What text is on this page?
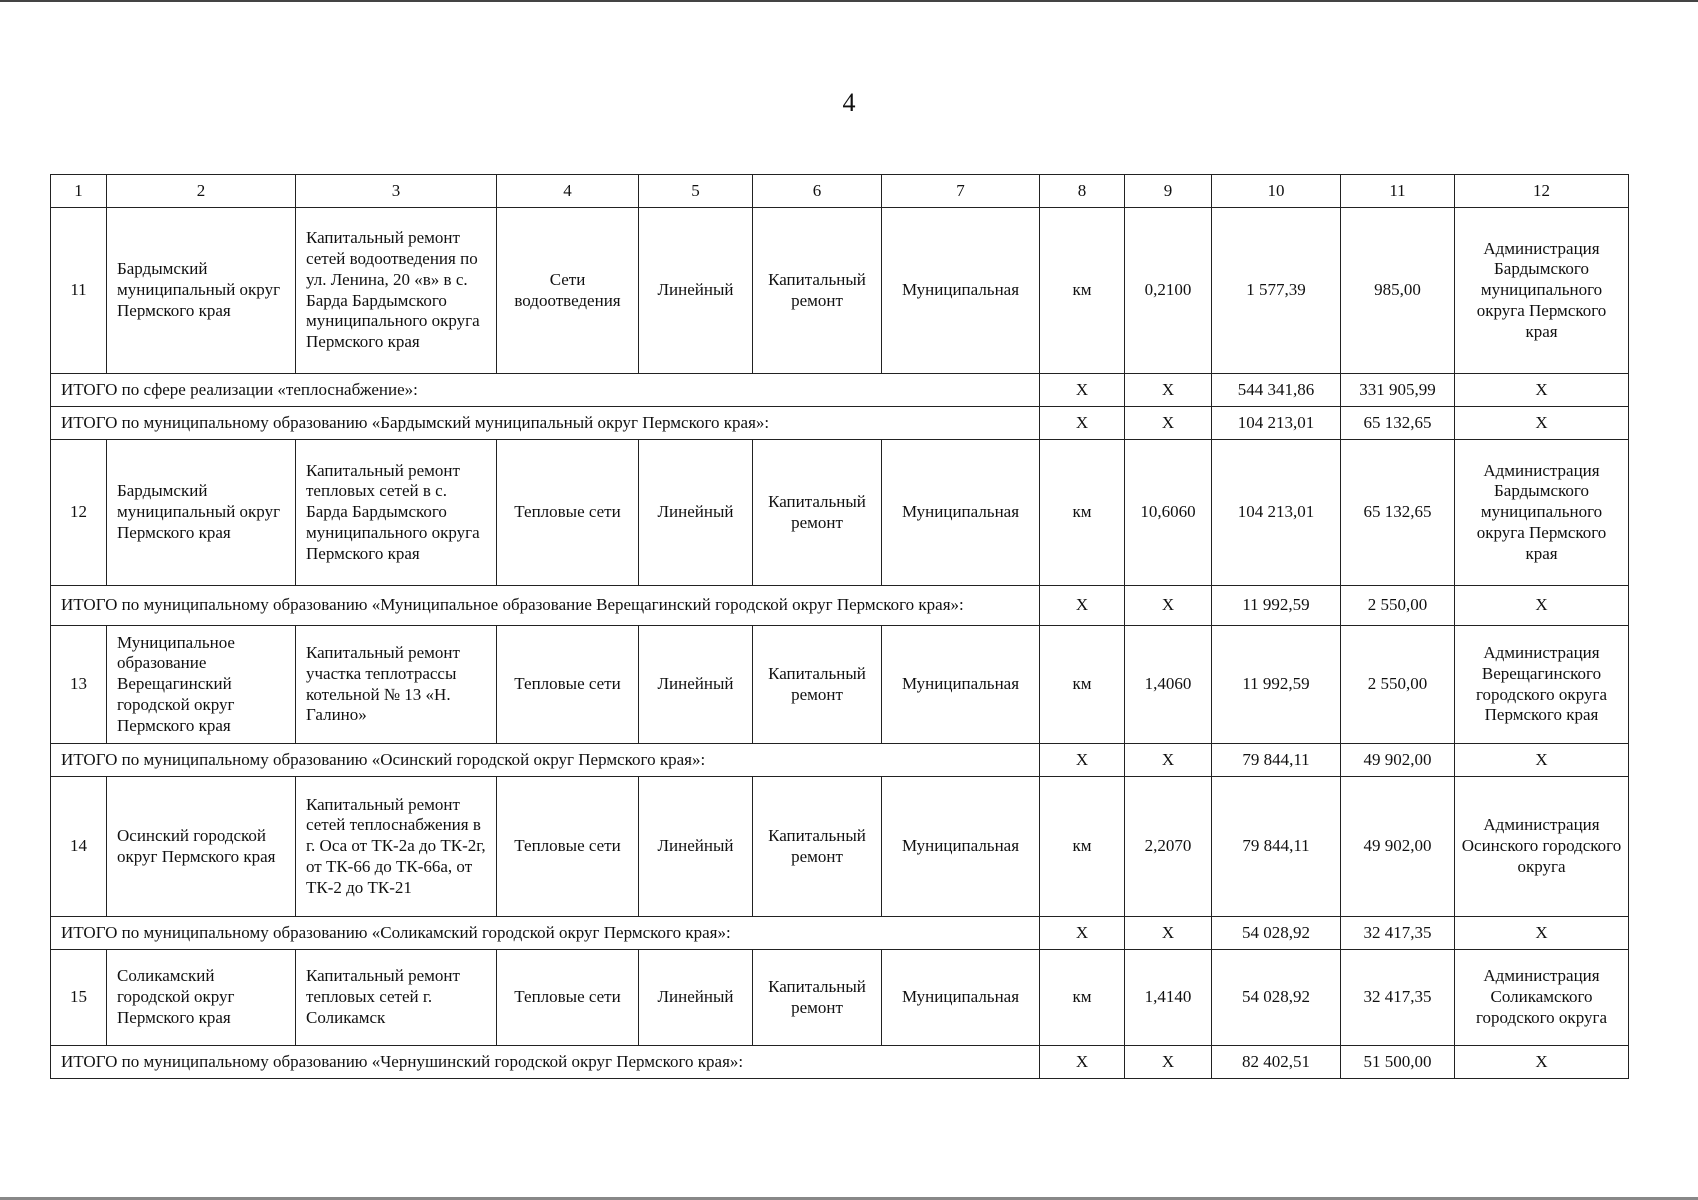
4
1	2	3	4	5	6	7	8	9	10	11	12
11	Бардымский муниципальный округ Пермского края	Капитальный ремонт сетей водоотведения по ул. Ленина, 20 «в» в с. Барда Бардымского муниципального округа Пермского края	Сети водоотведения	Линейный	Капитальный ремонт	Муниципальная	км	0,2100	1 577,39	985,00	Администрация Бардымского муниципального округа Пермского края
ИТОГО по сфере реализации «теплоснабжение»:							X	X	544 341,86	331 905,99	X
ИТОГО по муниципальному образованию «Бардымский муниципальный округ Пермского края»:							X	X	104 213,01	65 132,65	X
12	Бардымский муниципальный округ Пермского края	Капитальный ремонт тепловых сетей в с. Барда Бардымского муниципального округа Пермского края	Тепловые сети	Линейный	Капитальный ремонт	Муниципальная	км	10,6060	104 213,01	65 132,65	Администрация Бардымского муниципального округа Пермского края
ИТОГО по муниципальному образованию «Муниципальное образование Верещагинский городской округ Пермского края»:							X	X	11 992,59	2 550,00	X
13	Муниципальное образование Верещагинский городской округ Пермского края	Капитальный ремонт участка теплотрассы котельной № 13 «Н. Галино»	Тепловые сети	Линейный	Капитальный ремонт	Муниципальная	км	1,4060	11 992,59	2 550,00	Администрация Верещагинского городского округа Пермского края
ИТОГО по муниципальному образованию «Осинский городской округ Пермского края»:							X	X	79 844,11	49 902,00	X
14	Осинский городской округ Пермского края	Капитальный ремонт сетей теплоснабжения в г. Оса от ТК-2а до ТК-2г, от ТК-66 до ТК-66а, от ТК-2 до ТК-21	Тепловые сети	Линейный	Капитальный ремонт	Муниципальная	км	2,2070	79 844,11	49 902,00	Администрация Осинского городского округа
ИТОГО по муниципальному образованию «Соликамский городской округ Пермского края»:							X	X	54 028,92	32 417,35	X
15	Соликамский городской округ Пермского края	Капитальный ремонт тепловых сетей г. Соликамск	Тепловые сети	Линейный	Капитальный ремонт	Муниципальная	км	1,4140	54 028,92	32 417,35	Администрация Соликамского городского округа
ИТОГО по муниципальному образованию «Чернушинский городской округ Пермского края»:							X	X	82 402,51	51 500,00	X
